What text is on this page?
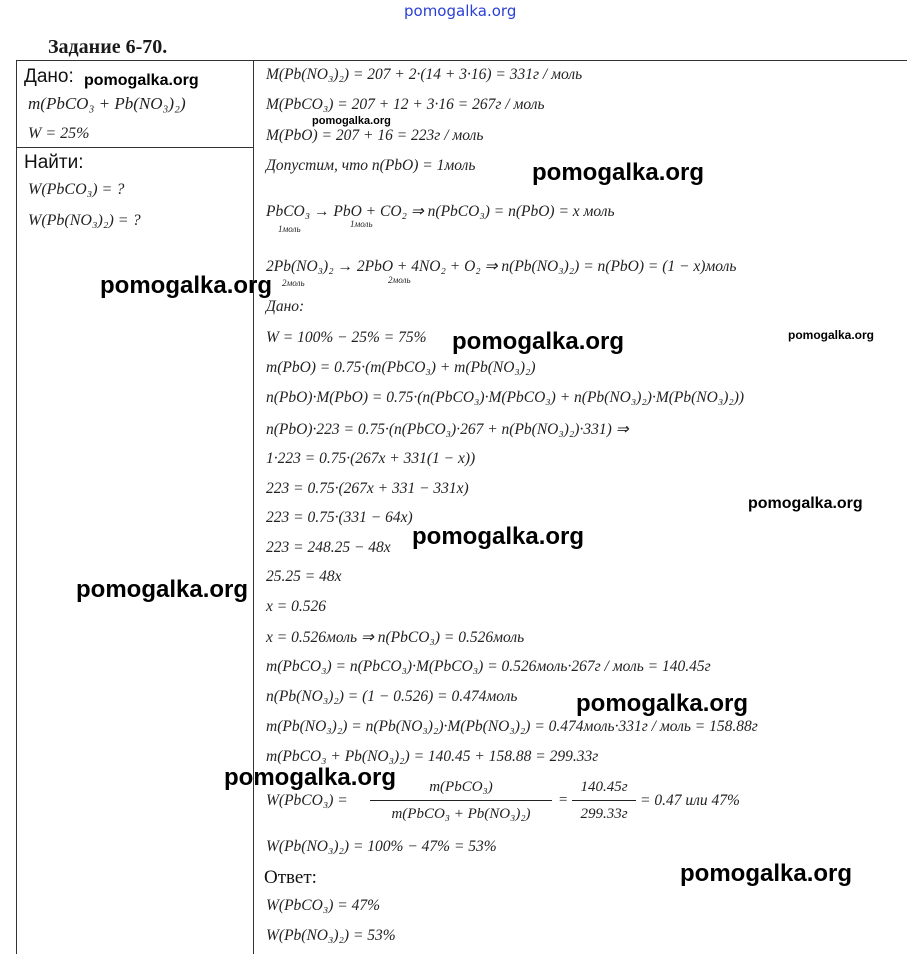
pomogalka.org
Задание 6-70.
Дано:
m(PbCO₃ + Pb(NO₃)₂)
W = 25%
Найти:
W(PbCO₃) = ?
W(Pb(NO₃)₂) = ?
M(Pb(NO₃)₂) = 207 + 2·(14 + 3·16) = 331г / моль
M(PbCO₃) = 207 + 12 + 3·16 = 267г / моль
M(PbO) = 207 + 16 = 223г / моль
Допустим, что n(PbO) = 1моль
PbCO₃ → PbO + CO₂ ⇒ n(PbCO₃) = n(PbO) = x моль
1моль	1моль
2Pb(NO₃)₂ → 2PbO + 4NO₂ + O₂ ⇒ n(Pb(NO₃)₂) = n(PbO) = (1 − x)моль
2моль	2моль
Дано:
W = 100% − 25% = 75%
m(PbO) = 0.75·(m(PbCO₃) + m(Pb(NO₃)₂)
n(PbO)·M(PbO) = 0.75·(n(PbCO₃)·M(PbCO₃) + n(Pb(NO₃)₂)·M(Pb(NO₃)₂))
n(PbO)·223 = 0.75·(n(PbCO₃)·267 + n(Pb(NO₃)₂)·331) ⇒
1·223 = 0.75·(267x + 331(1 − x))
223 = 0.75·(267x + 331 − 331x)
223 = 0.75·(331 − 64x)
223 = 248.25 − 48x
25.25 = 48x
x = 0.526
x = 0.526моль ⇒ n(PbCO₃) = 0.526моль
m(PbCO₃) = n(PbCO₃)·M(PbCO₃) = 0.526моль·267г / моль = 140.45г
n(Pb(NO₃)₂) = (1 − 0.526) = 0.474моль
m(Pb(NO₃)₂) = n(Pb(NO₃)₂)·M(Pb(NO₃)₂) = 0.474моль·331г / моль = 158.88г
m(PbCO₃ + Pb(NO₃)₂) = 140.45 + 158.88 = 299.33г
W(PbCO₃) =
m(PbCO₃)
m(PbCO₃ + Pb(NO₃)₂)
=
140.45г
299.33г
= 0.47 или 47%
W(Pb(NO₃)₂) = 100% − 47% = 53%
Ответ:
W(PbCO₃) = 47%
W(Pb(NO₃)₂) = 53%
pomogalka.org
pomogalka.org
pomogalka.org
pomogalka.org
pomogalka.org	pomogalka.org
pomogalka.org
pomogalka.org
pomogalka.org
pomogalka.org
pomogalka.org
pomogalka.org
